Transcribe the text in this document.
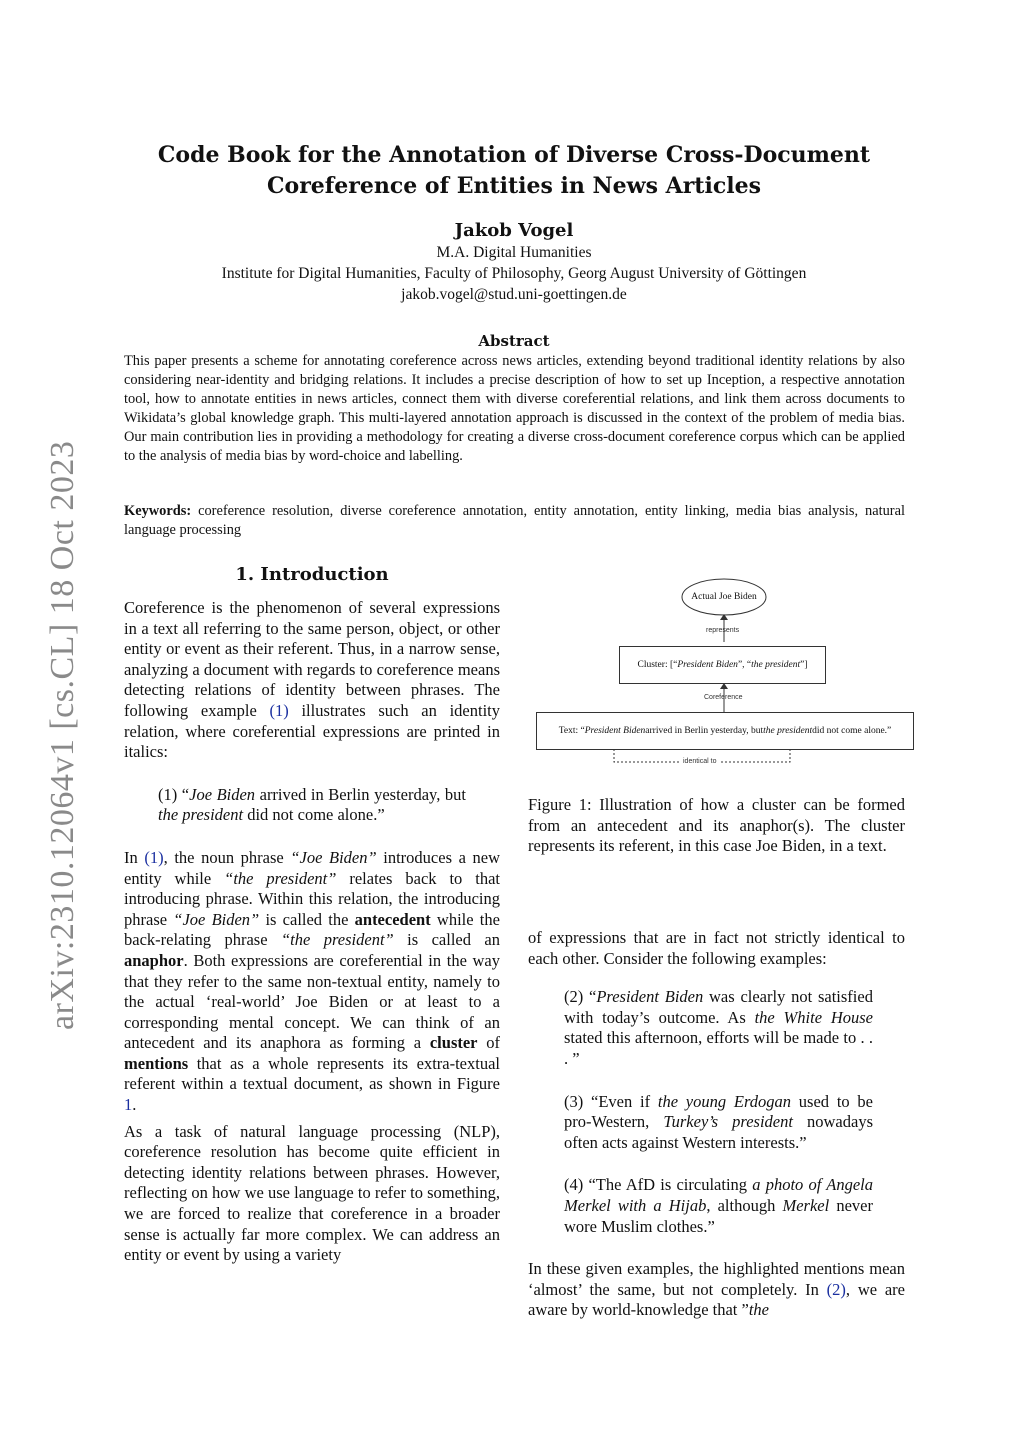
arXiv:2310.12064v1 [cs.CL] 18 Oct 2023
Code Book for the Annotation of Diverse Cross-Document
Coreference of Entities in News Articles
Jakob Vogel
M.A. Digital Humanities
Institute for Digital Humanities, Faculty of Philosophy, Georg August University of Göttingen
jakob.vogel@stud.uni-goettingen.de
Abstract
This paper presents a scheme for annotating coreference across news articles, extending beyond traditional identity relations by also considering near-identity and bridging relations. It includes a precise description of how to set up Inception, a respective annotation tool, how to annotate entities in news articles, connect them with diverse coreferential relations, and link them across documents to Wikidata’s global knowledge graph. This multi-layered annotation approach is discussed in the context of the problem of media bias. Our main contribution lies in providing a methodology for creating a diverse cross-document coreference corpus which can be applied to the analysis of media bias by word-choice and labelling.
Keywords: coreference resolution, diverse coreference annotation, entity annotation, entity linking, media bias analysis, natural language processing
1. Introduction

Coreference is the phenomenon of several expressions in a text all referring to the same person, object, or other entity or event as their referent. Thus, in a narrow sense, analyzing a document with regards to coreference means detecting relations of identity between phrases. The following example (1) illustrates such an identity relation, where coreferential expressions are printed in italics:

(1) “Joe Biden arrived in Berlin yesterday, but the president did not come alone.”

In (1), the noun phrase “Joe Biden” introduces a new entity while “the president” relates back to that introducing phrase. Within this relation, the introducing phrase “Joe Biden” is called the antecedent while the back-relating phrase “the president” is called an anaphor. Both expressions are coreferential in the way that they refer to the same non-textual entity, namely to the actual ‘real-world’ Joe Biden or at least to a corresponding mental concept. We can think of an antecedent and its anaphora as forming a cluster of mentions that as a whole represents its extra-textual referent within a textual document, as shown in Figure 1.

As a task of natural language processing (NLP), coreference resolution has become quite efficient in detecting identity relations between phrases. However, reflecting on how we use language to refer to something, we are forced to realize that coreference in a broader sense is actually far more complex. We can address an entity or event by using a variety

Actual Joe Biden
represents
Cluster: [“ President Biden ”, “ the president ”]
Coreference
Text: “ President Biden arrived in Berlin yesterday, but the president did not come alone.”
identical to

Figure 1: Illustration of how a cluster can be formed from an antecedent and its anaphor(s). The cluster represents its referent, in this case Joe Biden, in a text.

of expressions that are in fact not strictly identical to each other. Consider the following examples:

(2) “President Biden was clearly not satisfied with today’s outcome. As the White House stated this afternoon, efforts will be made to . . . ”

(3) “Even if the young Erdogan used to be pro-Western, Turkey’s president nowadays often acts against Western interests.”

(4) “The AfD is circulating a photo of Angela Merkel with a Hijab, although Merkel never wore Muslim clothes.”

In these given examples, the highlighted mentions mean ‘almost’ the same, but not completely. In (2), we are aware by world-knowledge that ”the
